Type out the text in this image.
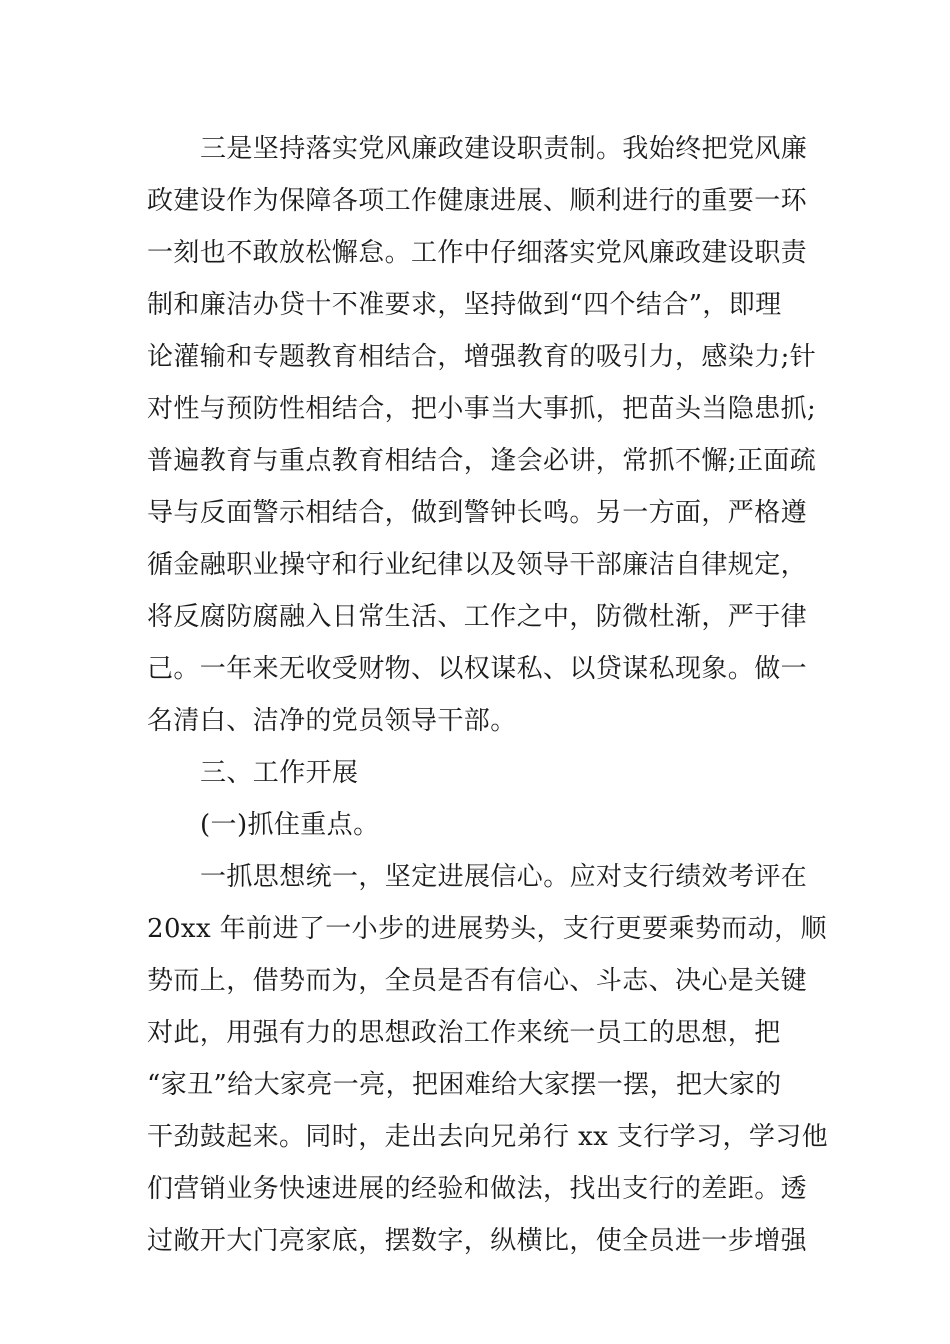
三是坚持落实党风廉政建设职责制。我始终把党风廉
政建设作为保障各项工作健康进展、顺利进行的重要一环
一刻也不敢放松懈怠。工作中仔细落实党风廉政建设职责
制和廉洁办贷十不准要求，坚持做到“四个结合”，即理
论灌输和专题教育相结合，增强教育的吸引力，感染力;针
对性与预防性相结合，把小事当大事抓，把苗头当隐患抓;
普遍教育与重点教育相结合，逢会必讲，常抓不懈;正面疏
导与反面警示相结合，做到警钟长鸣。另一方面，严格遵
循金融职业操守和行业纪律以及领导干部廉洁自律规定，
将反腐防腐融入日常生活、工作之中，防微杜渐，严于律
己。一年来无收受财物、以权谋私、以贷谋私现象。做一
名清白、洁净的党员领导干部。
三、工作开展
(一)抓住重点。
一抓思想统一，坚定进展信心。应对支行绩效考评在
20xx 年前进了一小步的进展势头，支行更要乘势而动，顺
势而上，借势而为，全员是否有信心、斗志、决心是关键
对此，用强有力的思想政治工作来统一员工的思想，把
“家丑”给大家亮一亮，把困难给大家摆一摆，把大家的
干劲鼓起来。同时，走出去向兄弟行 xx 支行学习，学习他
们营销业务快速进展的经验和做法，找出支行的差距。透
过敞开大门亮家底，摆数字，纵横比，使全员进一步增强
